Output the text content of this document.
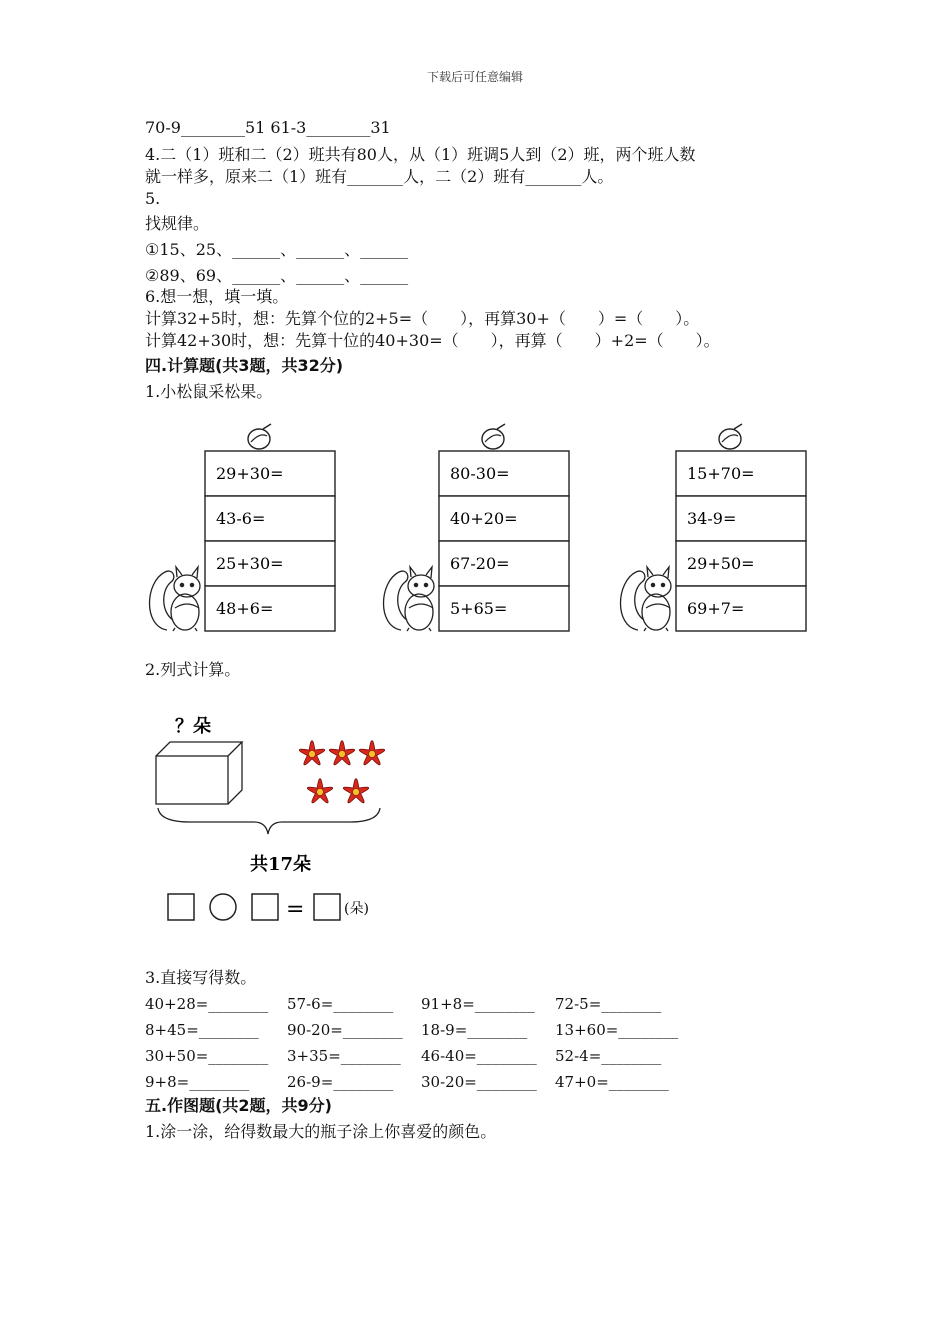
下载后可任意编辑
70-9________51 61-3________31
4.二（1）班和二（2）班共有80人，从（1）班调5人到（2）班，两个班人数
就一样多，原来二（1）班有_______人，二（2）班有_______人。
5.
找规律。
①15、25、______、______、______
②89、69、______、______、______
6.想一想，填一填。
计算32+5时，想：先算个位的2+5=（　　），再算30+（　　）=（　　）。
计算42+30时，想：先算十位的40+30=（　　），再算（　　）+2=（　　）。
四.计算题(共3题，共32分)
1.小松鼠采松果。
29+30=
43-6=
25+30=
48+6=
80-30=
40+20=
67-20=
5+65=
15+70=
34-9=
29+50=
69+7=
2.列式计算。
？朵
共17朵
=	(朵)
3.直接写得数。
40+28=________ 57-6=________ 91+8=________ 72-5=________
8+45=________ 90-20=________ 18-9=________ 13+60=________
30+50=________ 3+35=________ 46-40=________ 52-4=________
9+8=________	26-9=________ 30-20=________ 47+0=________
五.作图题(共2题，共9分)
1.涂一涂，给得数最大的瓶子涂上你喜爱的颜色。
